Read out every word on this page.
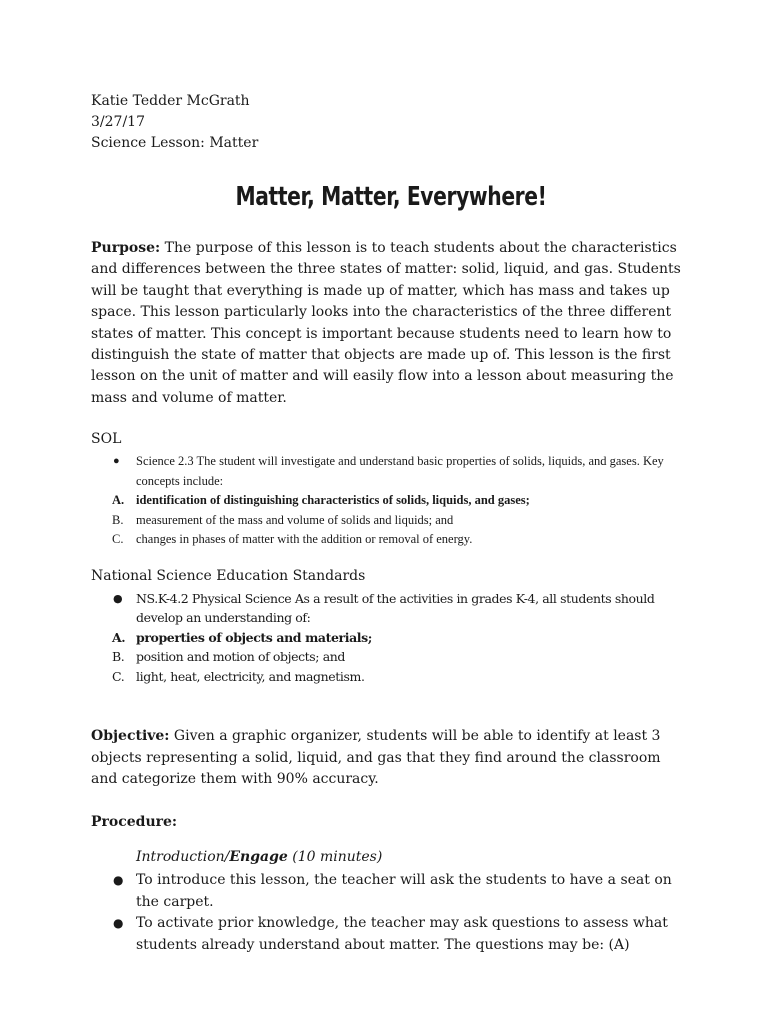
Katie Tedder McGrath

3/27/17

Science Lesson: Matter

Matter, Matter, Everywhere!

Purpose: The purpose of this lesson is to teach students about the characteristics and differences between the three states of matter: solid, liquid, and gas. Students will be taught that everything is made up of matter, which has mass and takes up space. This lesson particularly looks into the characteristics of the three different states of matter. This concept is important because students need to learn how to distinguish the state of matter that objects are made up of. This lesson is the first lesson on the unit of matter and will easily flow into a lesson about measuring the mass and volume of matter.

SOL

●	Science 2.3 The student will investigate and understand basic properties of solids, liquids, and gases. Key concepts include:
A. identification of distinguishing characteristics of solids, liquids, and gases;
B.	measurement of the mass and volume of solids and liquids; and
C.	changes in phases of matter with the addition or removal of energy.

National Science Education Standards

●	NS.K-4.2 Physical Science As a result of the activities in grades K-4, all students should develop an understanding of:
A. properties of objects and materials;
B. position and motion of objects; and
C. light, heat, electricity, and magnetism.

Objective: Given a graphic organizer, students will be able to identify at least 3 objects representing a solid, liquid, and gas that they find around the classroom and categorize them with 90% accuracy.

Procedure:

Introduction/Engage (10 minutes)

● To introduce this lesson, the teacher will ask the students to have a seat on the carpet.
● To activate prior knowledge, the teacher may ask questions to assess what students already understand about matter. The questions may be: (A)
